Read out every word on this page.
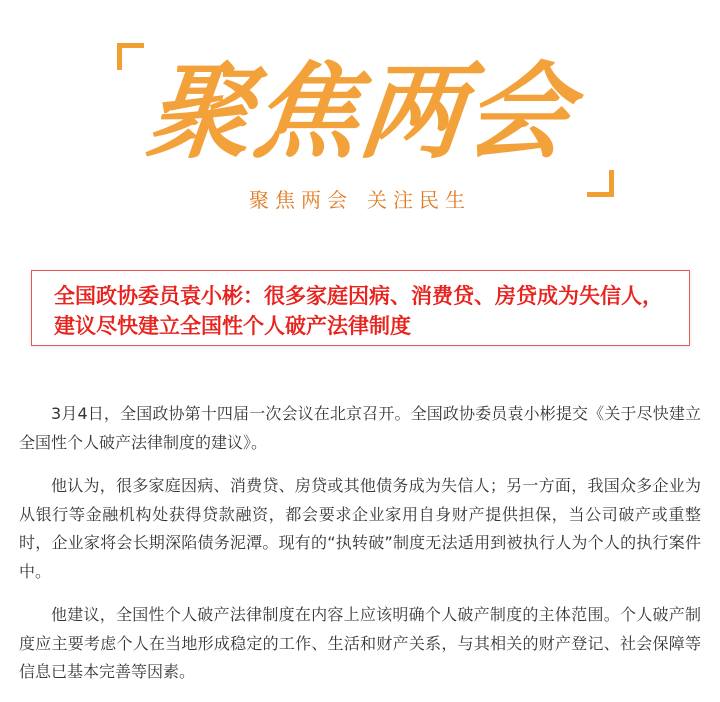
聚焦两会
聚焦两会 关注民生

全国政协委员袁小彬：很多家庭因病、消费贷、房贷成为失信人，建议尽快建立全国性个人破产法律制度

3月4日，全国政协第十四届一次会议在北京召开。全国政协委员袁小彬提交《关于尽快建立全国性个人破产法律制度的建议》。

他认为，很多家庭因病、消费贷、房贷或其他债务成为失信人；另一方面，我国众多企业为从银行等金融机构处获得贷款融资，都会要求企业家用自身财产提供担保，当公司破产或重整时，企业家将会长期深陷债务泥潭。现有的“执转破”制度无法适用到被执行人为个人的执行案件中。

他建议，全国性个人破产法律制度在内容上应该明确个人破产制度的主体范围。个人破产制度应主要考虑个人在当地形成稳定的工作、生活和财产关系，与其相关的财产登记、社会保障等信息已基本完善等因素。
